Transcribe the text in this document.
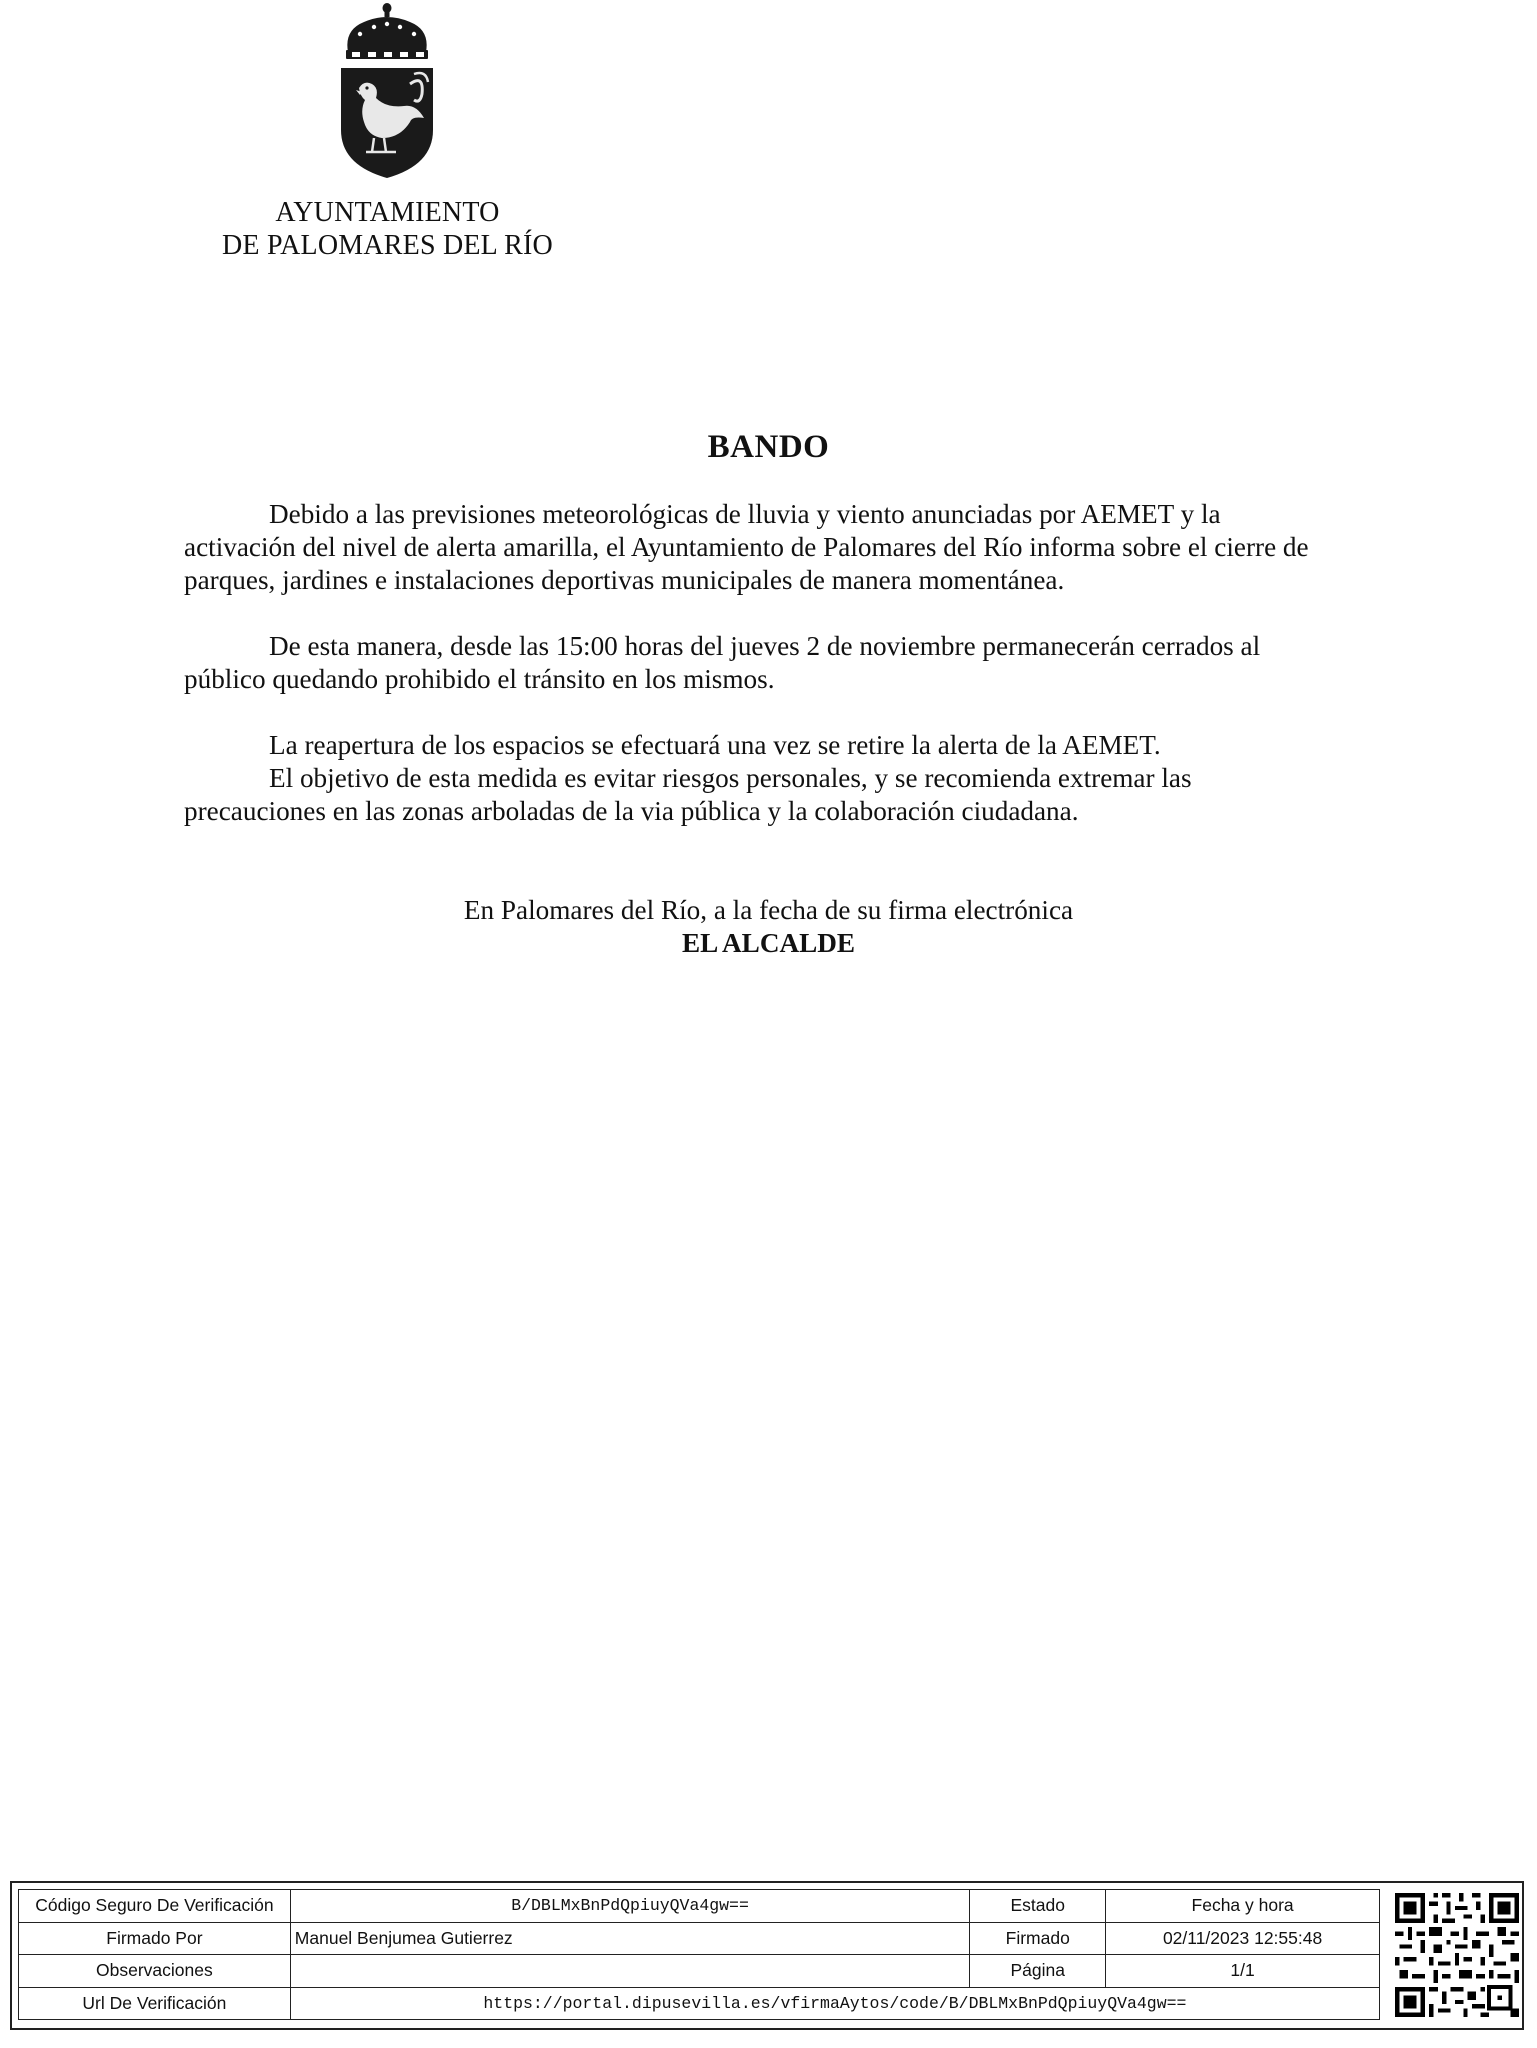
AYUNTAMIENTO
DE PALOMARES DEL RÍO
BANDO

Debido a las previsiones meteorológicas de lluvia y viento anunciadas por AEMET y la activación del nivel de alerta amarilla, el Ayuntamiento de Palomares del Río informa sobre el cierre de parques, jardines e instalaciones deportivas municipales de manera momentánea.

De esta manera, desde las 15:00 horas del jueves 2 de noviembre permanecerán cerrados al público quedando prohibido el tránsito en los mismos.

La reapertura de los espacios se efectuará una vez se retire la alerta de la AEMET.

El objetivo de esta medida es evitar riesgos personales, y se recomienda extremar las precauciones en las zonas arboladas de la via pública y la colaboración ciudadana.

En Palomares del Río, a la fecha de su firma electrónica
EL ALCALDE
Código Seguro De Verificación	B/DBLMxBnPdQpiuyQVa4gw==	Estado	Fecha y hora
Firmado Por	Manuel Benjumea Gutierrez	Firmado	02/11/2023 12:55:48
Observaciones		Página	1/1
Url De Verificación	https://portal.dipusevilla.es/vfirmaAytos/code/B/DBLMxBnPdQpiuyQVa4gw==		
